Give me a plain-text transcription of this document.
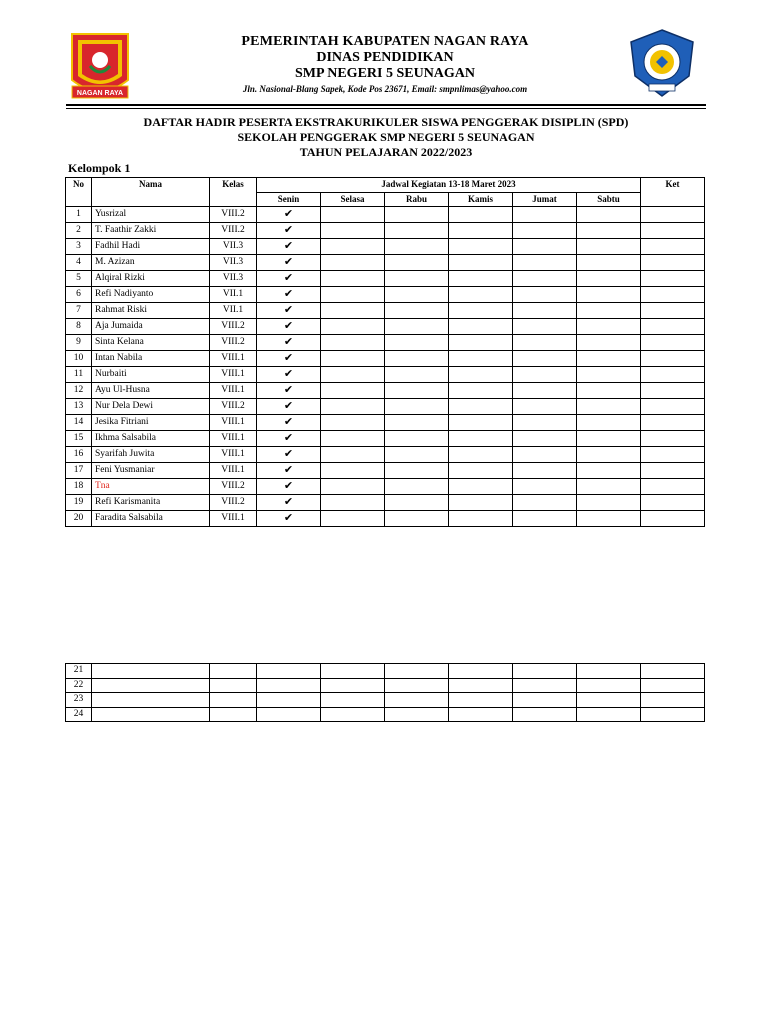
NAGAN RAYA
PEMERINTAH KABUPATEN NAGAN RAYA
DINAS PENDIDIKAN
SMP NEGERI 5 SEUNAGAN
Jln. Nasional-Blang Sapek, Kode Pos 23671, Email: smpnlimas@yahoo.com
DAFTAR HADIR PESERTA EKSTRAKURIKULER SISWA PENGGERAK DISIPLIN (SPD)
SEKOLAH PENGGERAK SMP NEGERI 5 SEUNAGAN
TAHUN PELAJARAN 2022/2023
Kelompok 1
No	Nama	Kelas	Jadwal Kegiatan 13-18 Maret 2023						Ket
			Senin	Selasa	Rabu	Kamis	Jumat	Sabtu	
1	Yusrizal	VIII.2	✔						
2	T. Faathir Zakki	VIII.2	✔						
3	Fadhil Hadi	VII.3	✔						
4	M. Azizan	VII.3	✔						
5	Alqiral Rizki	VII.3	✔						
6	Refi Nadiyanto	VII.1	✔						
7	Rahmat Riski	VII.1	✔						
8	Aja Jumaida	VIII.2	✔						
9	Sinta Kelana	VIII.2	✔						
10	Intan Nabila	VIII.1	✔						
11	Nurbaiti	VIII.1	✔						
12	Ayu Ul-Husna	VIII.1	✔						
13	Nur Dela Dewi	VIII.2	✔						
14	Jesika Fitriani	VIII.1	✔						
15	Ikhma Salsabila	VIII.1	✔						
16	Syarifah Juwita	VIII.1	✔						
17	Feni Yusmaniar	VIII.1	✔						
18	Tna	VIII.2	✔						
19	Refi Karismanita	VIII.2	✔						
20	Faradita Salsabila	VIII.1	✔						
21									
22									
23									
24									
